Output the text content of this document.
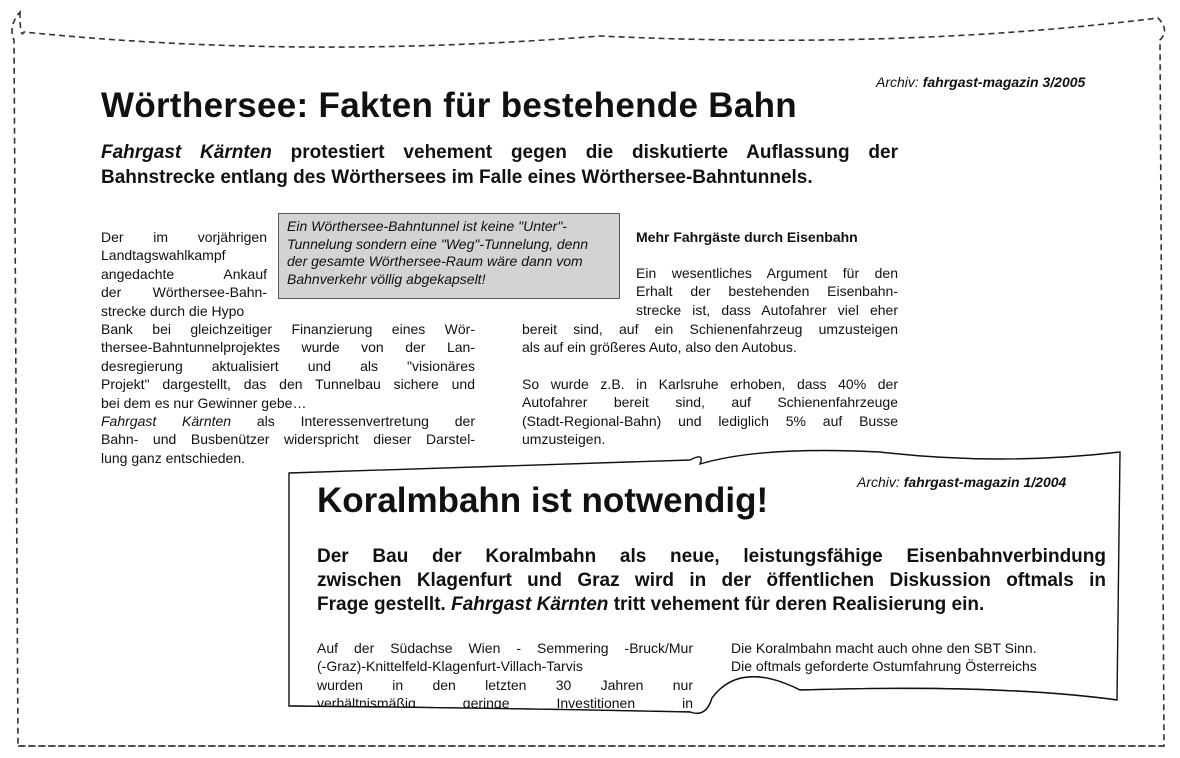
Archiv: fahrgast-magazin 3/2005
Wörthersee: Fakten für bestehende Bahn
Fahrgast Kärnten protestiert vehement gegen die diskutierte Auflassung der Bahnstrecke entlang des Wörthersees im Falle eines Wörthersee-Bahntunnels.
Der im vorjährigen
Landtagswahlkampf
angedachte Ankauf
der Wörthersee-Bahn-
strecke durch die Hypo
Ein Wörthersee-Bahntunnel ist keine "Unter"-Tunnelung sondern eine "Weg"-Tunnelung, denn der gesamte Wörthersee-Raum wäre dann vom Bahnverkehr völlig abgekapselt!
Bank bei gleichzeitiger Finanzierung eines Wör-
thersee-Bahntunnelprojektes wurde von der Lan-
desregierung aktualisiert und als "visionäres
Projekt" dargestellt, das den Tunnelbau sichere und
bei dem es nur Gewinner gebe…
Fahrgast Kärnten als Interessenvertretung der
Bahn- und Busbenützer widerspricht dieser Darstel-
lung ganz entschieden.
Mehr Fahrgäste durch Eisenbahn
Ein wesentliches Argument für den
Erhalt der bestehenden Eisenbahn-
strecke ist, dass Autofahrer viel eher
bereit sind, auf ein Schienenfahrzeug umzusteigen
als auf ein größeres Auto, also den Autobus.
So wurde z.B. in Karlsruhe erhoben, dass 40% der
Autofahrer bereit sind, auf Schienenfahrzeuge
(Stadt-Regional-Bahn) und lediglich 5% auf Busse
umzusteigen.
Archiv: fahrgast-magazin 1/2004
Koralmbahn ist notwendig!
Der Bau der Koralmbahn als neue, leistungsfähige Eisenbahnverbindung
zwischen Klagenfurt und Graz wird in der öffentlichen Diskussion oftmals in
Frage gestellt. Fahrgast Kärnten tritt vehement für deren Realisierung ein.
Auf der Südachse Wien - Semmering -Bruck/Mur
(-Graz)-Knittelfeld-Klagenfurt-Villach-Tarvis
wurden in den letzten 30 Jahren nur
verhältnismäßig geringe Investitionen in
Die Koralmbahn macht auch ohne den SBT Sinn.
Die oftmals geforderte Ostumfahrung Österreichs
